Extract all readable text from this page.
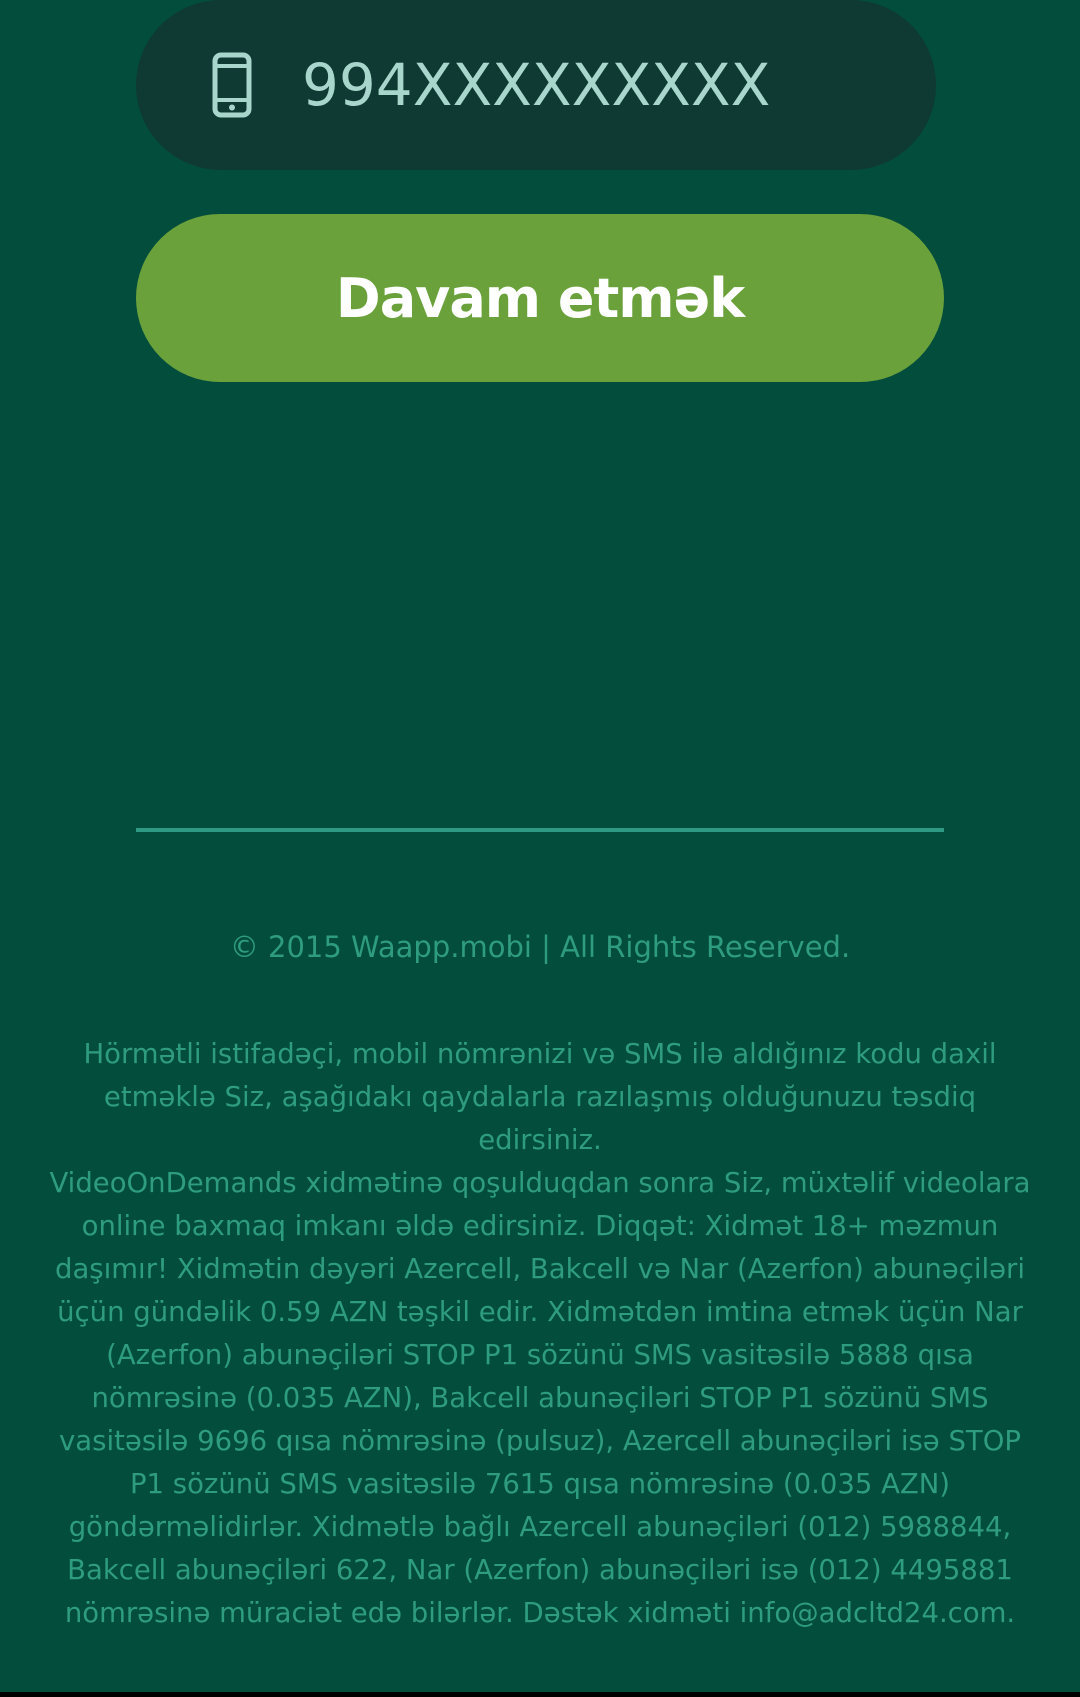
994XXXXXXXXX
Davam etmək
© 2015 Waapp.mobi | All Rights Reserved.

Hörmətli istifadəçi, mobil nömrənizi və SMS ilə aldığınız kodu daxil etməklə Siz, aşağıdakı qaydalarla razılaşmış olduğunuzu təsdiq edirsiniz.

VideoOnDemands xidmətinə qoşulduqdan sonra Siz, müxtəlif videolara online baxmaq imkanı əldə edirsiniz. Diqqət: Xidmət 18+ məzmun daşımır! Xidmətin dəyəri Azercell, Bakcell və Nar (Azerfon) abunəçiləri üçün gündəlik 0.59 AZN təşkil edir. Xidmətdən imtina etmək üçün Nar (Azerfon) abunəçiləri STOP P1 sözünü SMS vasitəsilə 5888 qısa nömrəsinə (0.035 AZN), Bakcell abunəçiləri STOP P1 sözünü SMS vasitəsilə 9696 qısa nömrəsinə (pulsuz), Azercell abunəçiləri isə STOP P1 sözünü SMS vasitəsilə 7615 qısa nömrəsinə (0.035 AZN) göndərməlidirlər. Xidmətlə bağlı Azercell abunəçiləri (012) 5988844, Bakcell abunəçiləri 622, Nar (Azerfon) abunəçiləri isə (012) 4495881 nömrəsinə müraciət edə bilərlər. Dəstək xidməti info@adcltd24.com.
